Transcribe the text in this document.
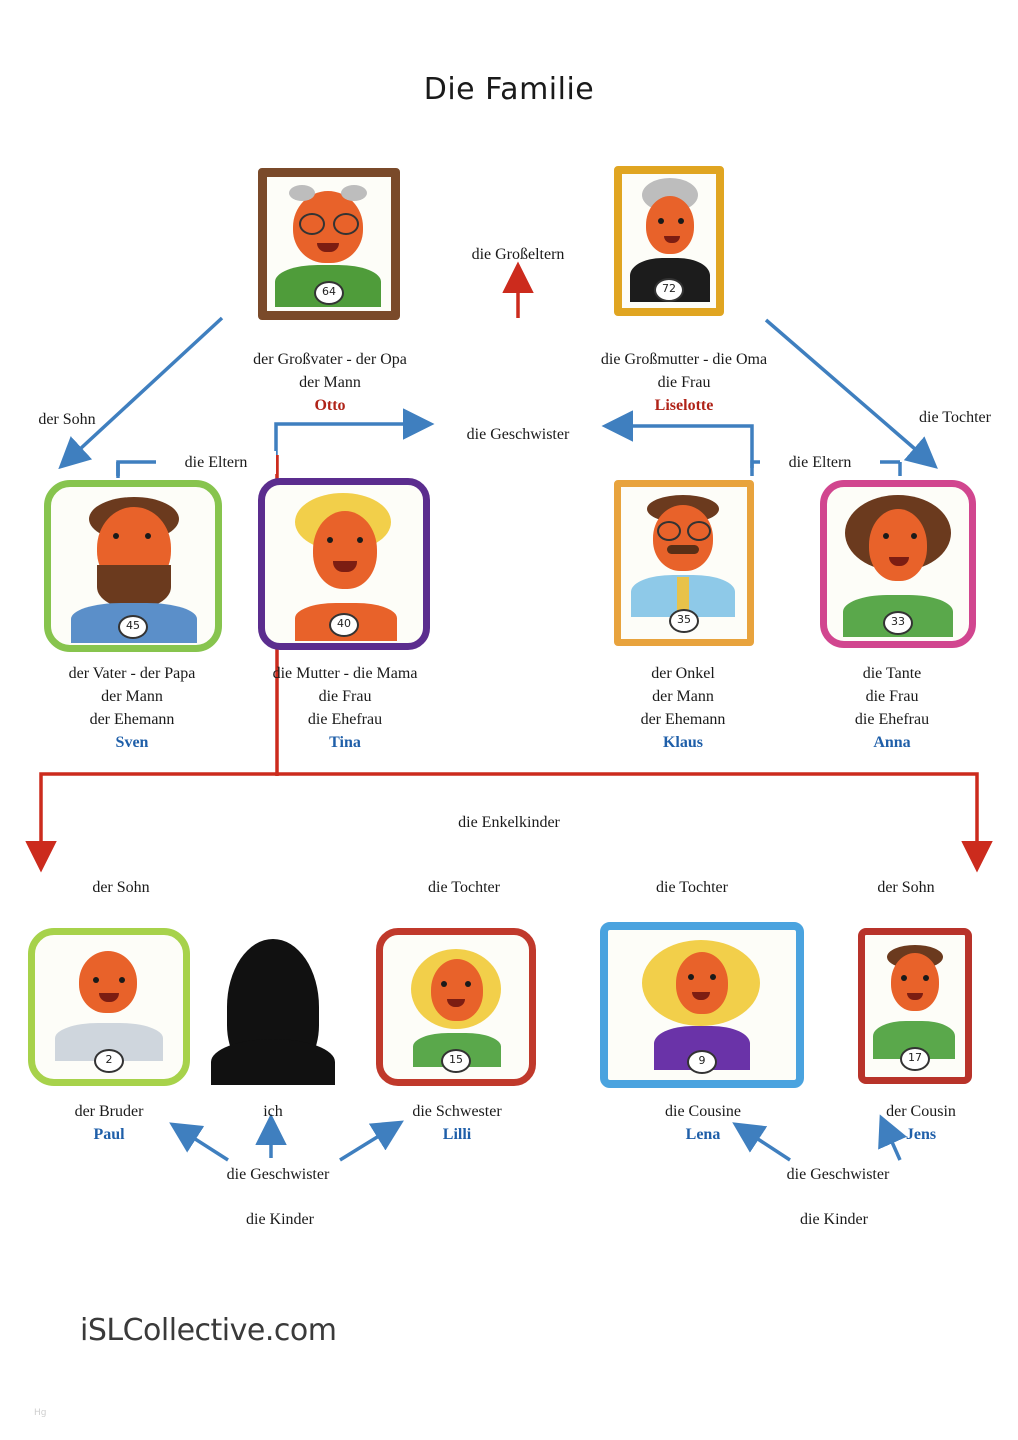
Die Familie
64
der Großvater - der Opa
der Mann
Otto
72
die Großmutter - die Oma
die Frau
Liselotte
die Großeltern
die Geschwister
der Sohn	die Tochter
die Eltern	die Eltern
45
der Vater - der Papa
der Mann
der Ehemann
Sven
40
die Mutter - die Mama
die Frau
die Ehefrau
Tina
35
der Onkel
der Mann
der Ehemann
Klaus
33
die Tante
die Frau
die Ehefrau
Anna
die Enkelkinder
der Sohn	die Tochter	die Tochter	der Sohn
2
der Bruder
Paul
ich
15
die Schwester
Lilli
9
die Cousine
Lena
17
der Cousin
Jens
die Geschwister	die Geschwister
die Kinder	die Kinder
iSLCollective.com
Hg
